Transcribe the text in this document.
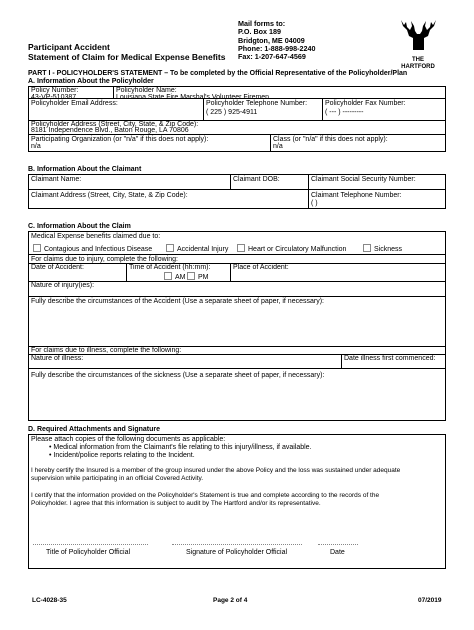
Participant Accident
Statement of Claim for Medical Expense Benefits
Mail forms to:
P.O. Box 189
Bridgton, ME 04009
Phone: 1-888-998-2240
Fax: 1-207-647-4569	THE
HARTFORD
PART I - POLICYHOLDER'S STATEMENT – To be completed by the Official Representative of the Policyholder/Plan
A. Information About the Policyholder
Policy Number:
43-VP-510387
Policyholder Name:
Louisiana State Fire Marshal's Volunteer Firemen
Policyholder Email Address:	Policyholder Telephone Number:
( 225 ) 925-4911
Policyholder Fax Number:
( --- ) ---------
Policyholder Address (Street, City, State, & Zip Code):
8181 Independence Blvd., Baton Rouge, LA 70806
Participating Organization (or "n/a" if this does not apply):
n/a
Class (or "n/a" if this does not apply):
n/a
B. Information About the Claimant
Claimant Name:	Claimant DOB:	Claimant Social Security Number:
Claimant Address (Street, City, State, & Zip Code):	Claimant Telephone Number:
( )
C. Information About the Claim
Medical Expense benefits claimed due to:
Contagious and Infectious Disease	Accidental Injury	Heart or Circulatory Malfunction	Sickness
For claims due to injury, complete the following:
Date of Accident:	Time of Accident (hh:mm):
AM	PM
Place of Accident:
Nature of injury(ies):
Fully describe the circumstances of the Accident (Use a separate sheet of paper, if necessary):
For claims due to illness, complete the following:
Nature of illness:	Date illness first commenced:
Fully describe the circumstances of the sickness (Use a separate sheet of paper, if necessary):
D. Required Attachments and Signature
Please attach copies of the following documents as applicable:
• Medical information from the Claimant's file relating to this injury/illness, if available.
• Incident/police reports relating to the Incident.
I hereby certify the Insured is a member of the group insured under the above Policy and the loss was sustained under adequate
supervision while participating in an official Covered Activity.
I certify that the information provided on the Policyholder's Statement is true and complete according to the records of the
Policyholder. I agree that this information is subject to audit by The Hartford and/or its representative.
Title of Policyholder Official	Signature of Policyholder Official	Date
LC-4028-35	Page 2 of 4	07/2019
